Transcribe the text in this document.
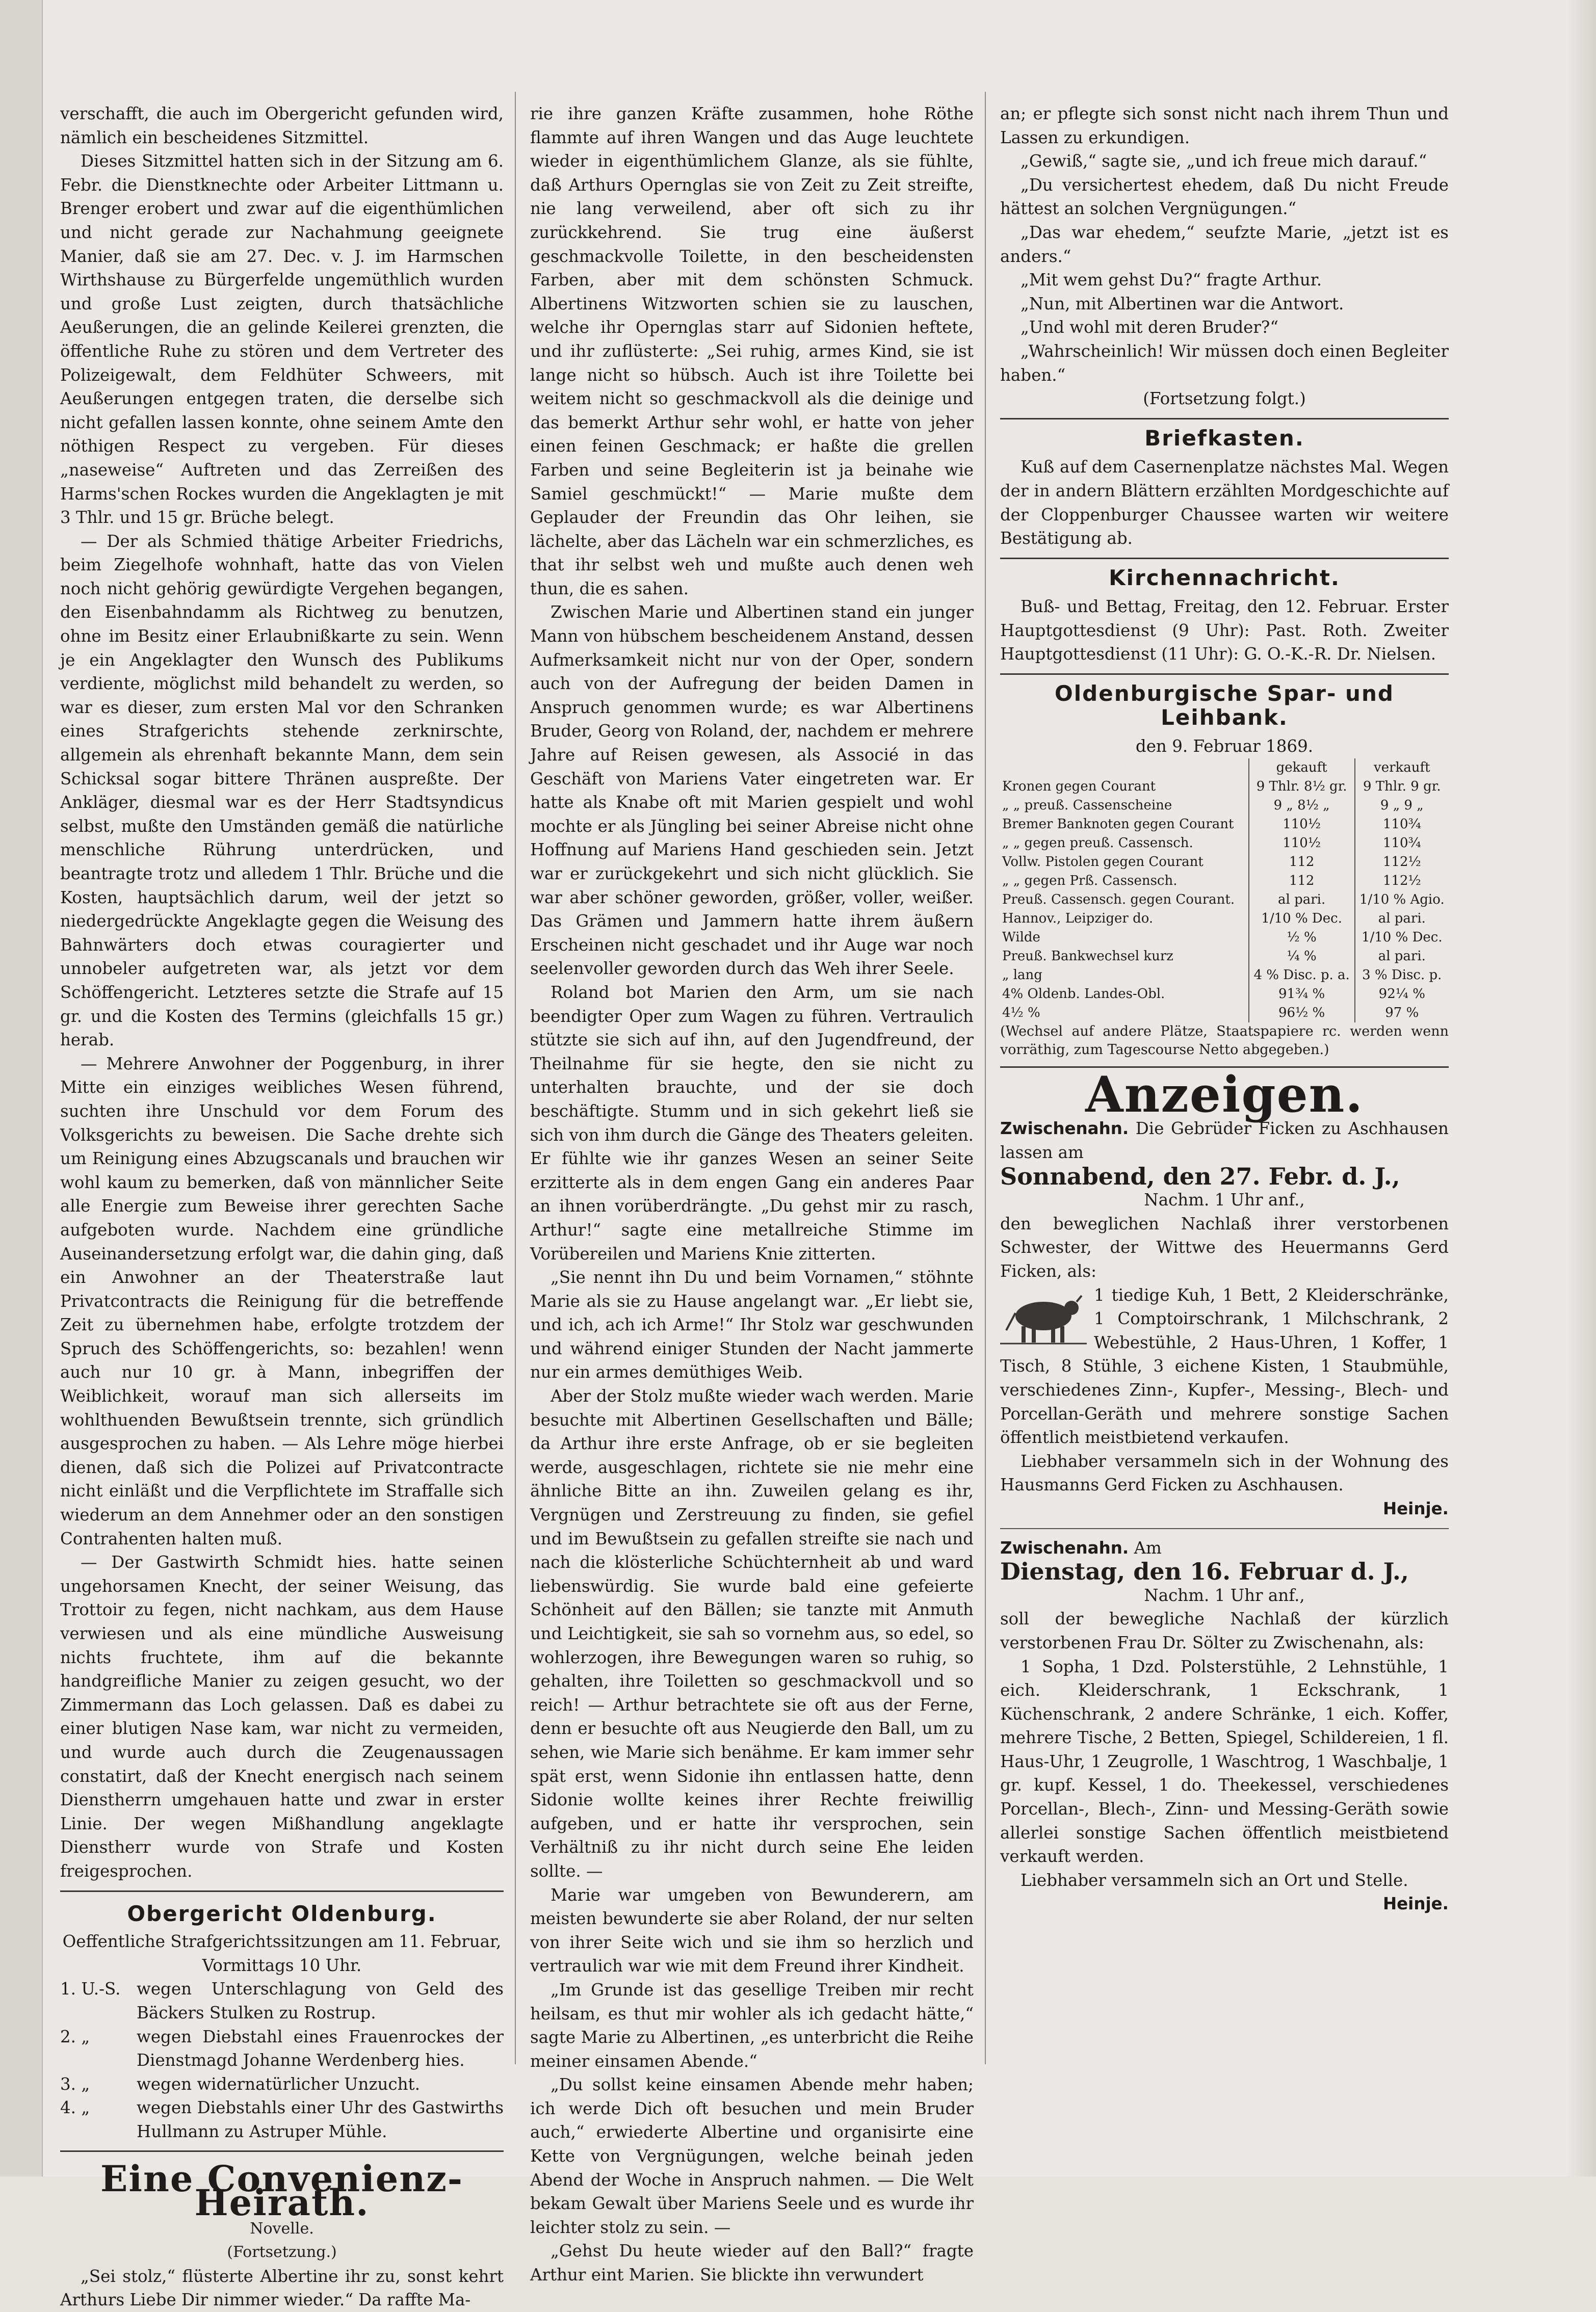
verschafft, die auch im Obergericht gefunden wird, nämlich ein bescheidenes Sitzmittel.

Dieses Sitzmittel hatten sich in der Sitzung am 6. Febr. die Dienstknechte oder Arbeiter Littmann u. Brenger erobert und zwar auf die eigenthümlichen und nicht gerade zur Nachahmung geeignete Manier, daß sie am 27. Dec. v. J. im Harmschen Wirthshause zu Bürgerfelde ungemüthlich wurden und große Lust zeigten, durch thatsächliche Aeußerungen, die an gelinde Keilerei grenzten, die öffentliche Ruhe zu stören und dem Vertreter des Polizeigewalt, dem Feldhüter Schweers, mit Aeußerungen entgegen traten, die derselbe sich nicht gefallen lassen konnte, ohne seinem Amte den nöthigen Respect zu vergeben. Für dieses „naseweise“ Auftreten und das Zerreißen des Harms'schen Rockes wurden die Angeklagten je mit 3 Thlr. und 15 gr. Brüche belegt.

— Der als Schmied thätige Arbeiter Friedrichs, beim Ziegelhofe wohnhaft, hatte das von Vielen noch nicht gehörig gewürdigte Vergehen begangen, den Eisenbahndamm als Richtweg zu benutzen, ohne im Besitz einer Erlaubnißkarte zu sein. Wenn je ein Angeklagter den Wunsch des Publikums verdiente, möglichst mild behandelt zu werden, so war es dieser, zum ersten Mal vor den Schranken eines Strafgerichts stehende zerknirschte, allgemein als ehrenhaft bekannte Mann, dem sein Schicksal sogar bittere Thränen auspreßte. Der Ankläger, diesmal war es der Herr Stadtsyndicus selbst, mußte den Umständen gemäß die natürliche menschliche Rührung unterdrücken, und beantragte trotz und alledem 1 Thlr. Brüche und die Kosten, hauptsächlich darum, weil der jetzt so niedergedrückte Angeklagte gegen die Weisung des Bahnwärters doch etwas couragierter und unnobeler aufgetreten war, als jetzt vor dem Schöffengericht. Letzteres setzte die Strafe auf 15 gr. und die Kosten des Termins (gleichfalls 15 gr.) herab.

— Mehrere Anwohner der Poggenburg, in ihrer Mitte ein einziges weibliches Wesen führend, suchten ihre Unschuld vor dem Forum des Volksgerichts zu beweisen. Die Sache drehte sich um Reinigung eines Abzugscanals und brauchen wir wohl kaum zu bemerken, daß von männlicher Seite alle Energie zum Beweise ihrer gerechten Sache aufgeboten wurde. Nachdem eine gründliche Auseinandersetzung erfolgt war, die dahin ging, daß ein Anwohner an der Theaterstraße laut Privatcontracts die Reinigung für die betreffende Zeit zu übernehmen habe, erfolgte trotzdem der Spruch des Schöffengerichts, so: bezahlen! wenn auch nur 10 gr. à Mann, inbegriffen der Weiblichkeit, worauf man sich allerseits im wohlthuenden Bewußtsein trennte, sich gründlich ausgesprochen zu haben. — Als Lehre möge hierbei dienen, daß sich die Polizei auf Privatcontracte nicht einläßt und die Verpflichtete im Straffalle sich wiederum an dem Annehmer oder an den sonstigen Contrahenten halten muß.

— Der Gastwirth Schmidt hies. hatte seinen ungehorsamen Knecht, der seiner Weisung, das Trottoir zu fegen, nicht nachkam, aus dem Hause verwiesen und als eine mündliche Ausweisung nichts fruchtete, ihm auf die bekannte handgreifliche Manier zu zeigen gesucht, wo der Zimmermann das Loch gelassen. Daß es dabei zu einer blutigen Nase kam, war nicht zu vermeiden, und wurde auch durch die Zeugenaussagen constatirt, daß der Knecht energisch nach seinem Dienstherrn umgehauen hatte und zwar in erster Linie. Der wegen Mißhandlung angeklagte Dienstherr wurde von Strafe und Kosten freigesprochen.

Obergericht Oldenburg.

Oeffentliche Strafgerichtssitzungen am 11. Februar, Vormittags 10 Uhr.

1. U.-S. wegen Unterschlagung von Geld des Bäckers Stulken zu Rostrup.
2. „	wegen Diebstahl eines Frauenrockes der Dienstmagd Johanne Werdenberg hies.
3. „	wegen widernatürlicher Unzucht.
4. „	wegen Diebstahls einer Uhr des Gastwirths Hullmann zu Astruper Mühle.
Eine Convenienz-Heirath.
Novelle.
(Fortsetzung.)

„Sei stolz,“ flüsterte Albertine ihr zu, sonst kehrt Arthurs Liebe Dir nimmer wieder.“ Da raffte Ma-

rie ihre ganzen Kräfte zusammen, hohe Röthe flammte auf ihren Wangen und das Auge leuchtete wieder in eigenthümlichem Glanze, als sie fühlte, daß Arthurs Opernglas sie von Zeit zu Zeit streifte, nie lang verweilend, aber oft sich zu ihr zurückkehrend. Sie trug eine äußerst geschmackvolle Toilette, in den bescheidensten Farben, aber mit dem schönsten Schmuck. Albertinens Witzworten schien sie zu lauschen, welche ihr Opernglas starr auf Sidonien heftete, und ihr zuflüsterte: „Sei ruhig, armes Kind, sie ist lange nicht so hübsch. Auch ist ihre Toilette bei weitem nicht so geschmackvoll als die deinige und das bemerkt Arthur sehr wohl, er hatte von jeher einen feinen Geschmack; er haßte die grellen Farben und seine Begleiterin ist ja beinahe wie Samiel geschmückt!“ — Marie mußte dem Geplauder der Freundin das Ohr leihen, sie lächelte, aber das Lächeln war ein schmerzliches, es that ihr selbst weh und mußte auch denen weh thun, die es sahen.

Zwischen Marie und Albertinen stand ein junger Mann von hübschem bescheidenem Anstand, dessen Aufmerksamkeit nicht nur von der Oper, sondern auch von der Aufregung der beiden Damen in Anspruch genommen wurde; es war Albertinens Bruder, Georg von Roland, der, nachdem er mehrere Jahre auf Reisen gewesen, als Associé in das Geschäft von Mariens Vater eingetreten war. Er hatte als Knabe oft mit Marien gespielt und wohl mochte er als Jüngling bei seiner Abreise nicht ohne Hoffnung auf Mariens Hand geschieden sein. Jetzt war er zurückgekehrt und sich nicht glücklich. Sie war aber schöner geworden, größer, voller, weißer. Das Grämen und Jammern hatte ihrem äußern Erscheinen nicht geschadet und ihr Auge war noch seelenvoller geworden durch das Weh ihrer Seele.

Roland bot Marien den Arm, um sie nach beendigter Oper zum Wagen zu führen. Vertraulich stützte sie sich auf ihn, auf den Jugendfreund, der Theilnahme für sie hegte, den sie nicht zu unterhalten brauchte, und der sie doch beschäftigte. Stumm und in sich gekehrt ließ sie sich von ihm durch die Gänge des Theaters geleiten. Er fühlte wie ihr ganzes Wesen an seiner Seite erzitterte als in dem engen Gang ein anderes Paar an ihnen vorüberdrängte. „Du gehst mir zu rasch, Arthur!“ sagte eine metallreiche Stimme im Vorübereilen und Mariens Knie zitterten.

„Sie nennt ihn Du und beim Vornamen,“ stöhnte Marie als sie zu Hause angelangt war. „Er liebt sie, und ich, ach ich Arme!“ Ihr Stolz war geschwunden und während einiger Stunden der Nacht jammerte nur ein armes demüthiges Weib.

Aber der Stolz mußte wieder wach werden. Marie besuchte mit Albertinen Gesellschaften und Bälle; da Arthur ihre erste Anfrage, ob er sie begleiten werde, ausgeschlagen, richtete sie nie mehr eine ähnliche Bitte an ihn. Zuweilen gelang es ihr, Vergnügen und Zerstreuung zu finden, sie gefiel und im Bewußtsein zu gefallen streifte sie nach und nach die klösterliche Schüchternheit ab und ward liebenswürdig. Sie wurde bald eine gefeierte Schönheit auf den Bällen; sie tanzte mit Anmuth und Leichtigkeit, sie sah so vornehm aus, so edel, so wohlerzogen, ihre Bewegungen waren so ruhig, so gehalten, ihre Toiletten so geschmackvoll und so reich! — Arthur betrachtete sie oft aus der Ferne, denn er besuchte oft aus Neugierde den Ball, um zu sehen, wie Marie sich benähme. Er kam immer sehr spät erst, wenn Sidonie ihn entlassen hatte, denn Sidonie wollte keines ihrer Rechte freiwillig aufgeben, und er hatte ihr versprochen, sein Verhältniß zu ihr nicht durch seine Ehe leiden sollte. —

Marie war umgeben von Bewunderern, am meisten bewunderte sie aber Roland, der nur selten von ihrer Seite wich und sie ihm so herzlich und vertraulich war wie mit dem Freund ihrer Kindheit.

„Im Grunde ist das gesellige Treiben mir recht heilsam, es thut mir wohler als ich gedacht hätte,“ sagte Marie zu Albertinen, „es unterbricht die Reihe meiner einsamen Abende.“

„Du sollst keine einsamen Abende mehr haben; ich werde Dich oft besuchen und mein Bruder auch,“ erwiederte Albertine und organisirte eine Kette von Vergnügungen, welche beinah jeden Abend der Woche in Anspruch nahmen. — Die Welt bekam Gewalt über Mariens Seele und es wurde ihr leichter stolz zu sein. —

„Gehst Du heute wieder auf den Ball?“ fragte Arthur eint Marien. Sie blickte ihn verwundert

an; er pflegte sich sonst nicht nach ihrem Thun und Lassen zu erkundigen.

„Gewiß,“ sagte sie, „und ich freue mich darauf.“

„Du versichertest ehedem, daß Du nicht Freude hättest an solchen Vergnügungen.“

„Das war ehedem,“ seufzte Marie, „jetzt ist es anders.“

„Mit wem gehst Du?“ fragte Arthur.

„Nun, mit Albertinen war die Antwort.

„Und wohl mit deren Bruder?“

„Wahrscheinlich! Wir müssen doch einen Begleiter haben.“

(Fortsetzung folgt.)

Briefkasten.

Kuß auf dem Casernenplatze nächstes Mal. Wegen der in andern Blättern erzählten Mordgeschichte auf der Cloppenburger Chaussee warten wir weitere Bestätigung ab.

Kirchennachricht.

Buß- und Bettag, Freitag, den 12. Februar. Erster Hauptgottesdienst (9 Uhr): Past. Roth. Zweiter Hauptgottesdienst (11 Uhr): G. O.-K.-R. Dr. Nielsen.

Oldenburgische Spar- und Leihbank.

den 9. Februar 1869.

	gekauft	verkauft
Kronen gegen Courant	9 Thlr. 8½ gr.	9 Thlr. 9 gr.
„ „ preuß. Cassenscheine	9 „ 8½ „	9 „ 9 „
Bremer Banknoten gegen Courant	110½	110¾
„ „ gegen preuß. Cassensch.	110½	110¾
Vollw. Pistolen gegen Courant	112	112½
„ „ gegen Prß. Cassensch.	112	112½
Preuß. Cassensch. gegen Courant.	al pari.	1/10 % Agio.
Hannov., Leipziger do.	1/10 % Dec.	al pari.
Wilde	½ %	1/10 % Dec.
Preuß. Bankwechsel kurz	¼ %	al pari.
„ lang	4 % Disc. p. a.	3 % Disc. p.
4% Oldenb. Landes-Obl.	91¾ %	92¼ %
4½ %	96½ %	97 %

(Wechsel auf andere Plätze, Staatspapiere rc. werden wenn vorräthig, zum Tagescourse Netto abgegeben.)

Anzeigen.

Zwischenahn. Die Gebrüder Ficken zu Aschhausen lassen am

Sonnabend, den 27. Febr. d. J.,

Nachm. 1 Uhr anf.,

den beweglichen Nachlaß ihrer verstorbenen Schwester, der Wittwe des Heuermanns Gerd Ficken, als:

1 tiedige Kuh, 1 Bett, 2 Kleiderschränke, 1 Comptoirschrank, 1 Milchschrank, 2 Webestühle, 2 Haus-Uhren, 1 Koffer, 1 Tisch, 8 Stühle, 3 eichene Kisten, 1 Staubmühle, verschiedenes Zinn-, Kupfer-, Messing-, Blech- und Porcellan-Geräth und mehrere sonstige Sachen öffentlich meistbietend verkaufen.

Liebhaber versammeln sich in der Wohnung des Hausmanns Gerd Ficken zu Aschhausen.

Heinje.

Zwischenahn. Am

Dienstag, den 16. Februar d. J.,

Nachm. 1 Uhr anf.,

soll der bewegliche Nachlaß der kürzlich verstorbenen Frau Dr. Sölter zu Zwischenahn, als:

1 Sopha, 1 Dzd. Polsterstühle, 2 Lehnstühle, 1 eich. Kleiderschrank, 1 Eckschrank, 1 Küchenschrank, 2 andere Schränke, 1 eich. Koffer, mehrere Tische, 2 Betten, Spiegel, Schildereien, 1 fl. Haus-Uhr, 1 Zeugrolle, 1 Waschtrog, 1 Waschbalje, 1 gr. kupf. Kessel, 1 do. Theekessel, verschiedenes Porcellan-, Blech-, Zinn- und Messing-Geräth sowie allerlei sonstige Sachen öffentlich meistbietend verkauft werden.

Liebhaber versammeln sich an Ort und Stelle.

Heinje.
